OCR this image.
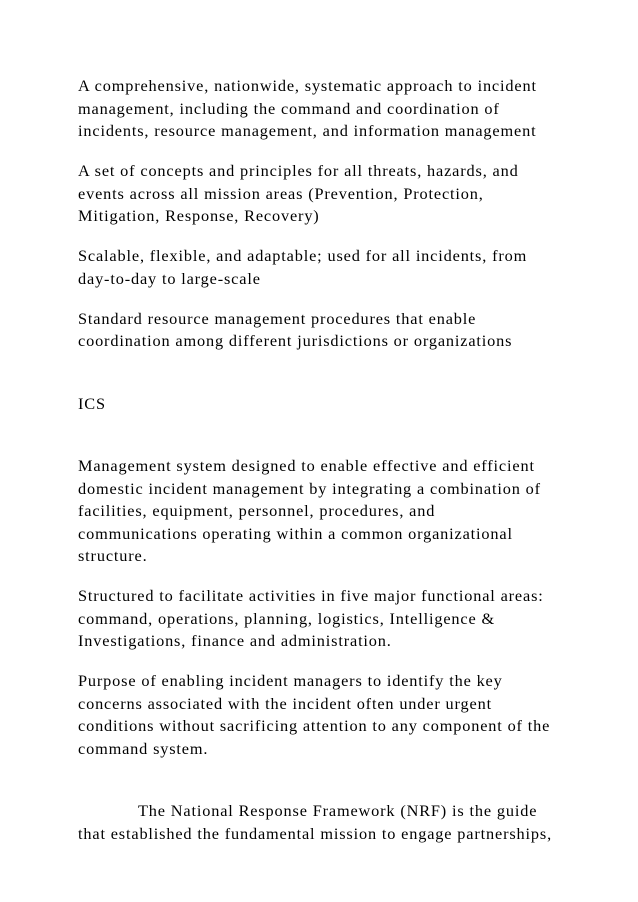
A comprehensive, nationwide, systematic approach to incident

management, including the command and coordination of

incidents, resource management, and information management

A set of concepts and principles for all threats, hazards, and

events across all mission areas (Prevention, Protection,

Mitigation, Response, Recovery)

Scalable, flexible, and adaptable; used for all incidents, from

day-to-day to large-scale

Standard resource management procedures that enable

coordination among different jurisdictions or organizations

ICS

Management system designed to enable effective and efficient

domestic incident management by integrating a combination of

facilities, equipment, personnel, procedures, and

communications operating within a common organizational

structure.

Structured to facilitate activities in five major functional areas:

command, operations, planning, logistics, Intelligence &

Investigations, finance and administration.

Purpose of enabling incident managers to identify the key

concerns associated with the incident often under urgent

conditions without sacrificing attention to any component of the

command system.

The National Response Framework (NRF) is the guide

that established the fundamental mission to engage partnerships,
